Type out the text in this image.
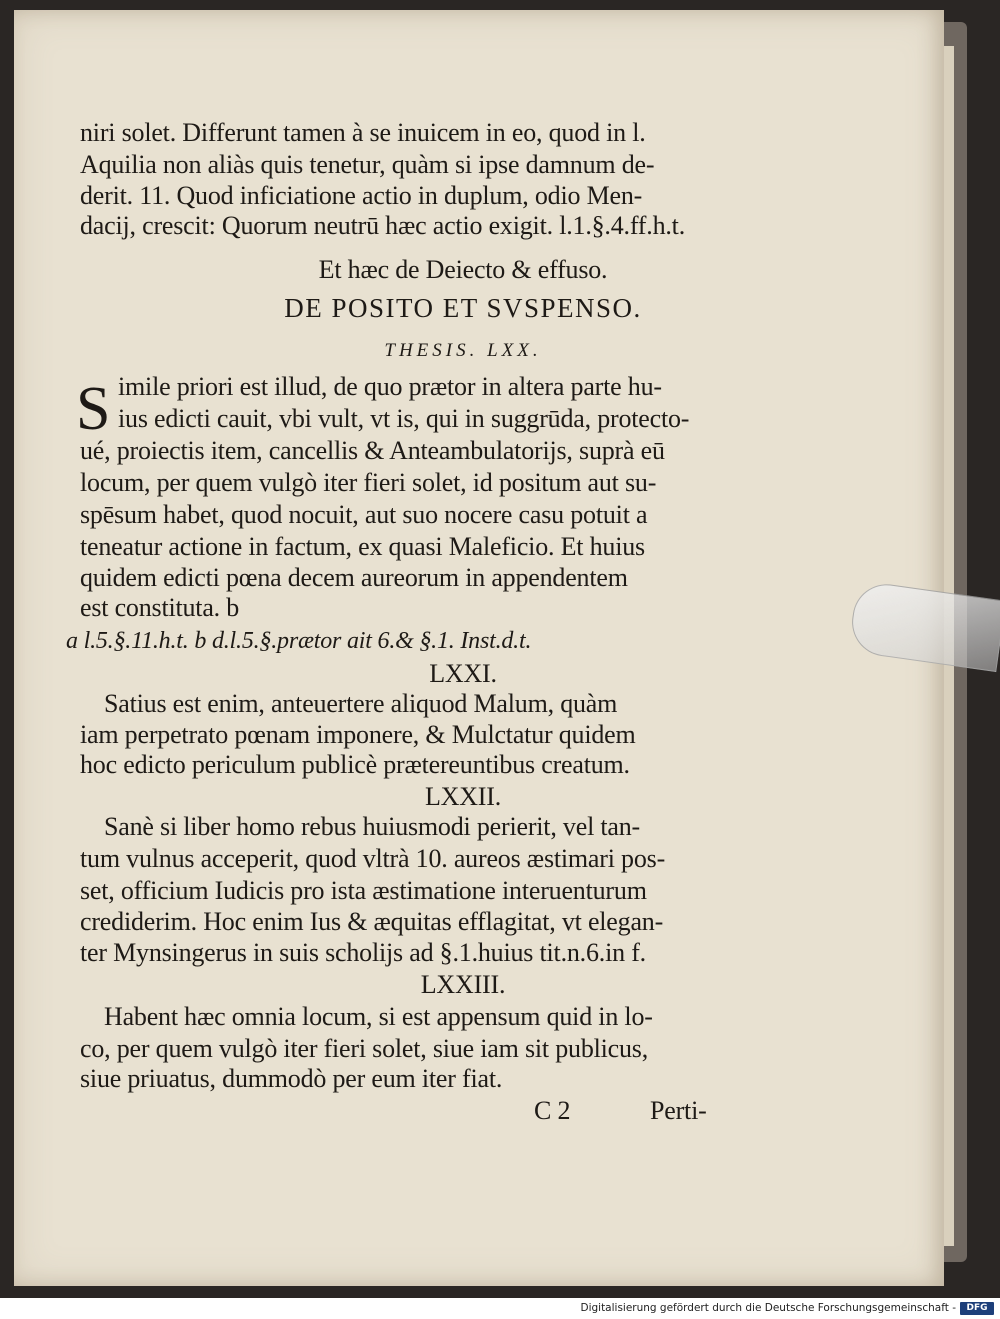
niri solet. Differunt tamen à se inuicem in eo, quod in l.
Aquilia non aliàs quis tenetur, quàm si ipse damnum de-
derit. 11. Quod inficiatione actio in duplum, odio Men-
dacij, crescit: Quorum neutrū hæc actio exigit. l.1.§.4.ff.h.t.
Et hæc de Deiecto & effuso.
DE POSITO ET SVSPENSO.
THESIS. LXX.
S imile priori est illud, de quo prætor in altera parte hu-
ius edicti cauit, vbi vult, vt is, qui in suggrūda, protecto-
ué, proiectis item, cancellis & Anteambulatorijs, suprà eū
locum, per quem vulgò iter fieri solet, id positum aut su-
spēsum habet, quod nocuit, aut suo nocere casu potuit a
teneatur actione in factum, ex quasi Maleficio. Et huius
quidem edicti pœna decem aureorum in appendentem
est constituta. b
a l.5.§.11.h.t. b d.l.5.§.prætor ait 6.& §.1. Inst.d.t.
LXXI.
Satius est enim, anteuertere aliquod Malum, quàm
iam perpetrato pœnam imponere, & Mulctatur quidem
hoc edicto periculum publicè prætereuntibus creatum.
LXXII.
Sanè si liber homo rebus huiusmodi perierit, vel tan-
tum vulnus acceperit, quod vltrà 10. aureos æstimari pos-
set, officium Iudicis pro ista æstimatione interuenturum
crediderim. Hoc enim Ius & æquitas efflagitat, vt elegan-
ter Mynsingerus in suis scholijs ad §.1.huius tit.n.6.in f.
LXXIII.
Habent hæc omnia locum, si est appensum quid in lo-
co, per quem vulgò iter fieri solet, siue iam sit publicus,
siue priuatus, dummodò per eum iter fiat.
C 2	Perti-
Digitalisierung gefördert durch die Deutsche Forschungsgemeinschaft -	DFG
